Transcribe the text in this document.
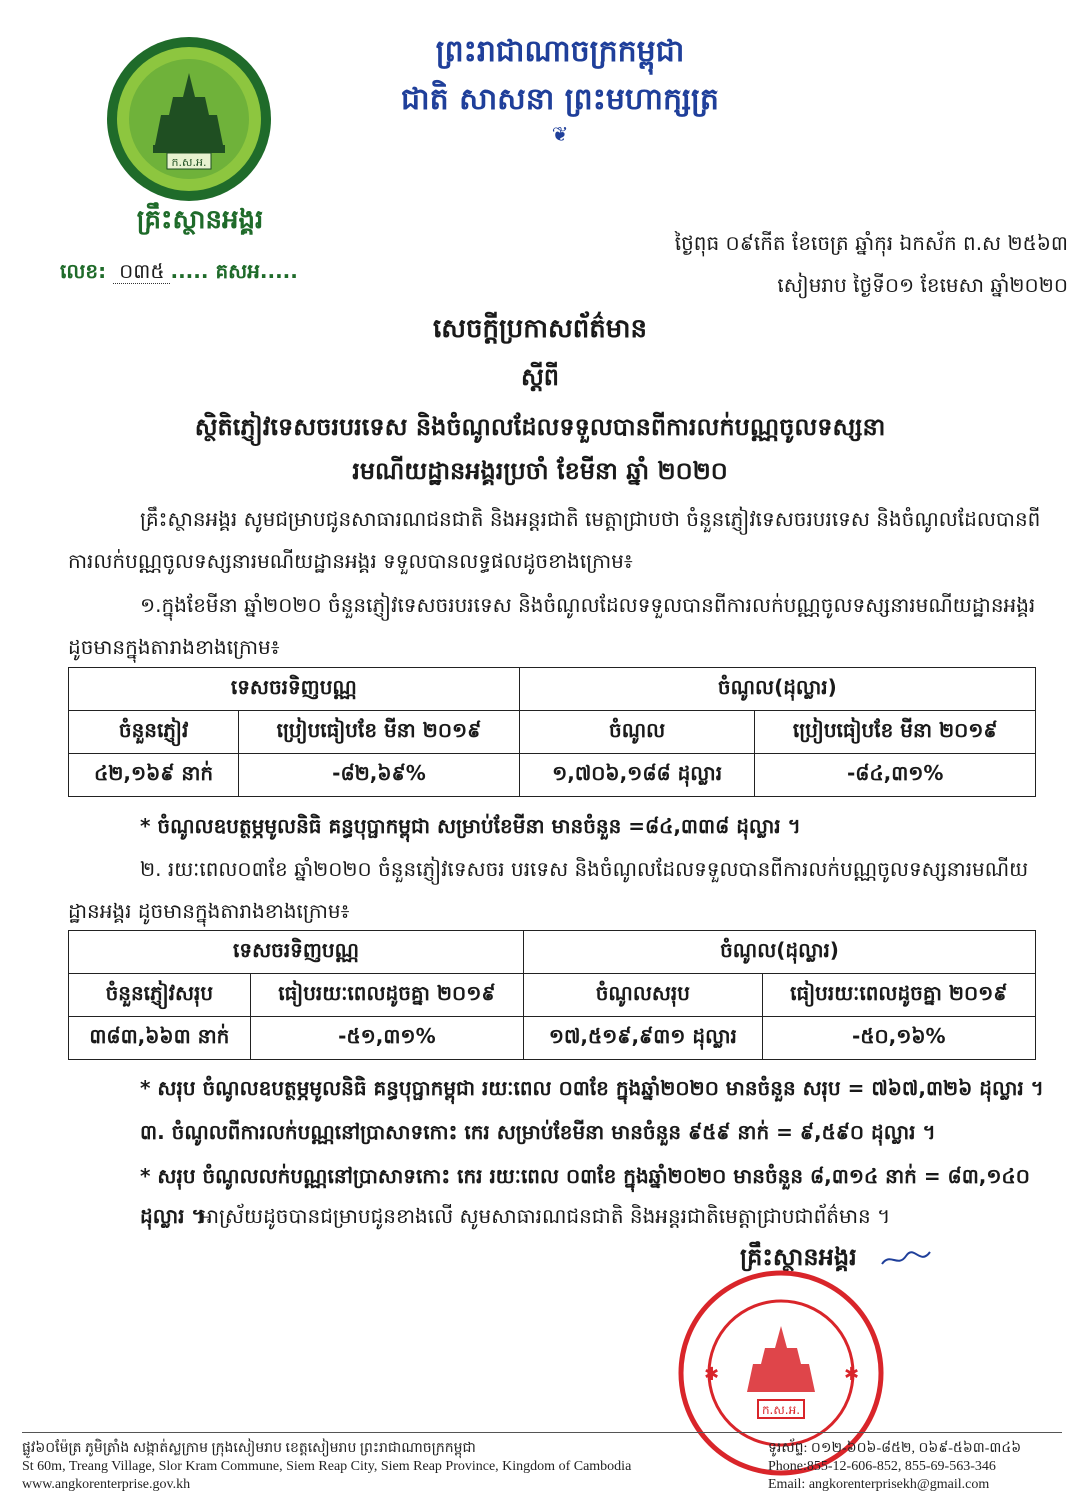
ក.ស.អ.
គ្រឹះស្ថានអង្គរ
លេខ: ០៣៥ ..... គសអ.....
ព្រះរាជាណាចក្រកម្ពុជា
ជាតិ សាសនា ព្រះមហាក្សត្រ
❦
ថ្ងៃពុធ ០៩កើត ខែចេត្រ ឆ្នាំកុរ ឯកស័ក ព.ស ២៥៦៣
សៀមរាប ថ្ងៃទី០១ ខែមេសា ឆ្នាំ២០២០
សេចក្តីប្រកាសព័ត៌មាន
ស្តីពី
ស្ថិតិភ្ញៀវទេសចរបរទេស និងចំណូលដែលទទួលបានពីការលក់បណ្ណចូលទស្សនា
រមណីយដ្ឋានអង្គរប្រចាំ ខែមីនា ឆ្នាំ ២០២០
គ្រឹះស្ថានអង្គរ សូមជម្រាបជូនសាធារណជនជាតិ និងអន្តរជាតិ មេត្តាជ្រាបថា ចំនួនភ្ញៀវទេសចរបរទេស និងចំណូលដែលបានពីការលក់បណ្ណចូលទស្សនារមណីយដ្ឋានអង្គរ ទទួលបានលទ្ធផលដូចខាងក្រោម៖
១.ក្នុងខែមីនា ឆ្នាំ២០២០ ចំនួនភ្ញៀវទេសចរបរទេស និងចំណូលដែលទទួលបានពីការលក់បណ្ណចូលទស្សនារមណីយដ្ឋានអង្គរ ដូចមានក្នុងតារាងខាងក្រោម៖
ទេសចរទិញបណ្ណ		ចំណូល(ដុល្លារ)	
ចំនួនភ្ញៀវ	ប្រៀបធៀបខែ មីនា ២០១៩	ចំណូល	ប្រៀបធៀបខែ មីនា ២០១៩
៤២,១៦៩ នាក់	-៨២,៦៩%	១,៧០៦,១៨៨ ដុល្លារ	-៨៤,៣១%
* ចំណូលឧបត្ថម្ភមូលនិធិ គន្ធបុប្ផាកម្ពុជា សម្រាប់ខែមីនា មានចំនួន =៨៤,៣៣៨ ដុល្លារ ។
២. រយៈពេល០៣ខែ ឆ្នាំ២០២០ ចំនួនភ្ញៀវទេសចរ បរទេស និងចំណូលដែលទទួលបានពីការលក់បណ្ណចូលទស្សនារមណីយដ្ឋានអង្គរ ដូចមានក្នុងតារាងខាងក្រោម៖
ទេសចរទិញបណ្ណ		ចំណូល(ដុល្លារ)	
ចំនួនភ្ញៀវសរុប	ធៀបរយៈពេលដូចគ្នា ២០១៩	ចំណូលសរុប	ធៀបរយៈពេលដូចគ្នា ២០១៩
៣៨៣,៦៦៣ នាក់	-៥១,៣១%	១៧,៥១៩,៩៣១ ដុល្លារ	-៥០,១៦%
* សរុប ចំណូលឧបត្ថម្ភមូលនិធិ គន្ធបុប្ផាកម្ពុជា រយៈពេល ០៣ខែ ក្នុងឆ្នាំ២០២០ មានចំនួន សរុប = ៧៦៧,៣២៦ ដុល្លារ ។
៣. ចំណូលពីការលក់បណ្ណនៅប្រាសាទកោះ កេរ សម្រាប់ខែមីនា មានចំនួន ៩៥៩ នាក់ = ៩,៥៩០ ដុល្លារ ។
* សរុប ចំណូលលក់បណ្ណនៅប្រាសាទកោះ កេរ រយៈពេល ០៣ខែ ក្នុងឆ្នាំ២០២០ មានចំនួន ៨,៣១៤ នាក់ = ៨៣,១៤០ ដុល្លារ ។
អាស្រ័យដូចបានជម្រាបជូនខាងលើ សូមសាធារណជនជាតិ និងអន្តរជាតិមេត្តាជ្រាបជាព័ត៌មាន ។
គ្រឹះស្ថានអង្គរ
ក.ស.អ.
✱	✱
ផ្លូវ៦០ម៉ែត្រ ភូមិត្រាំង សង្កាត់ស្លក្រាម ក្រុងសៀមរាប ខេត្តសៀមរាប ព្រះរាជាណាចក្រកម្ពុជា
St 60m, Treang Village, Slor Kram Commune, Siem Reap City, Siem Reap Province, Kingdom of Cambodia
www.angkorenterprise.gov.kh
ទូរស័ព្ទ: ០១២-៦០៦-៨៥២, ០៦៩-៥៦៣-៣៤៦
Phone:855-12-606-852, 855-69-563-346
Email: angkorenterprisekh@gmail.com
